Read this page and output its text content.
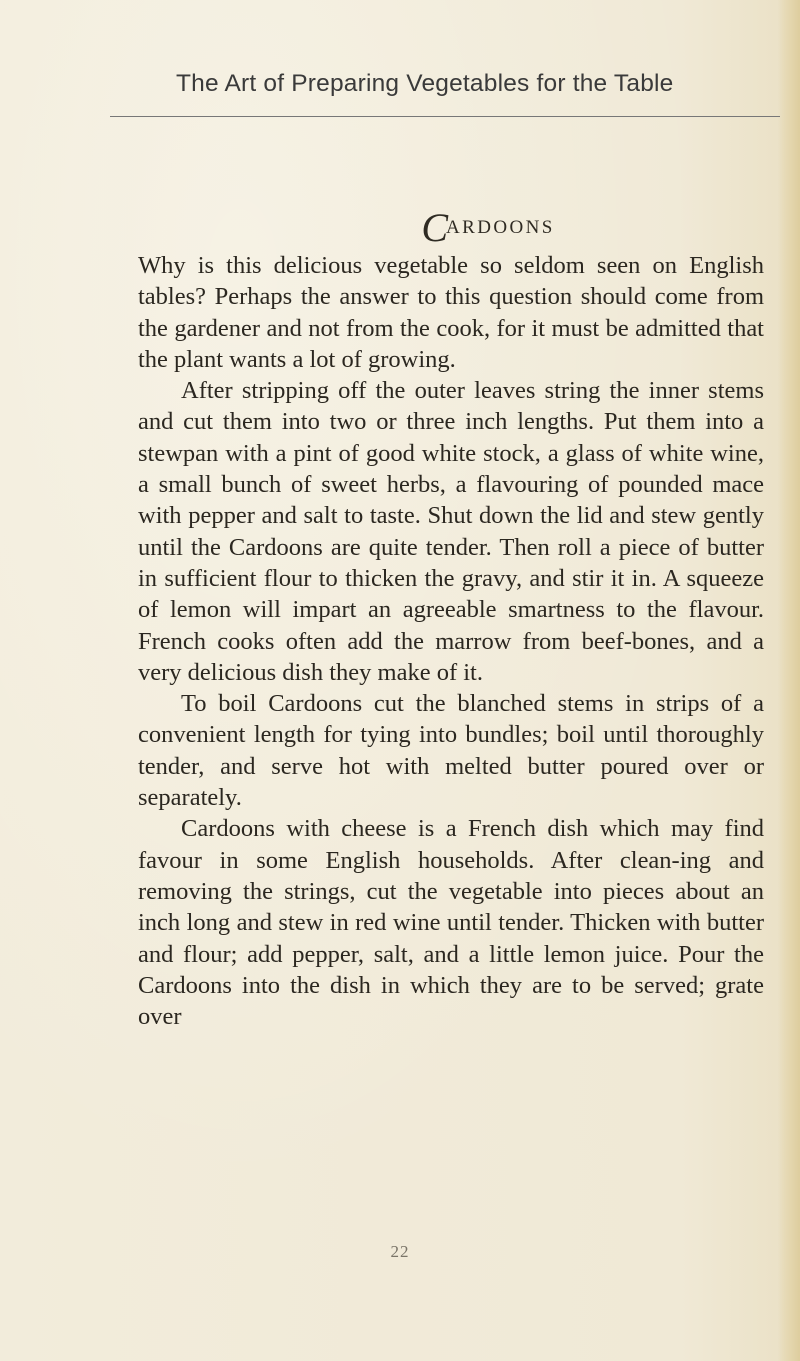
The Art of Preparing Vegetables for the Table
CARDOONS

Why is this delicious vegetable so seldom seen on English tables? Perhaps the answer to this question should come from the gardener and not from the cook, for it must be admitted that the plant wants a lot of growing.

After stripping off the outer leaves string the inner stems and cut them into two or three inch lengths. Put them into a stewpan with a pint of good white stock, a glass of white wine, a small bunch of sweet herbs, a flavouring of pounded mace with pepper and salt to taste. Shut down the lid and stew gently until the Cardoons are quite tender. Then roll a piece of butter in sufficient flour to thicken the gravy, and stir it in. A squeeze of lemon will impart an agreeable smartness to the flavour. French cooks often add the marrow from beef-bones, and a very delicious dish they make of it.

To boil Cardoons cut the blanched stems in strips of a convenient length for tying into bundles; boil until thoroughly tender, and serve hot with melted butter poured over or separately.

Cardoons with cheese is a French dish which may find favour in some English households. After clean-ing and removing the strings, cut the vegetable into pieces about an inch long and stew in red wine until tender. Thicken with butter and flour; add pepper, salt, and a little lemon juice. Pour the Cardoons into the dish in which they are to be served; grate over

22
